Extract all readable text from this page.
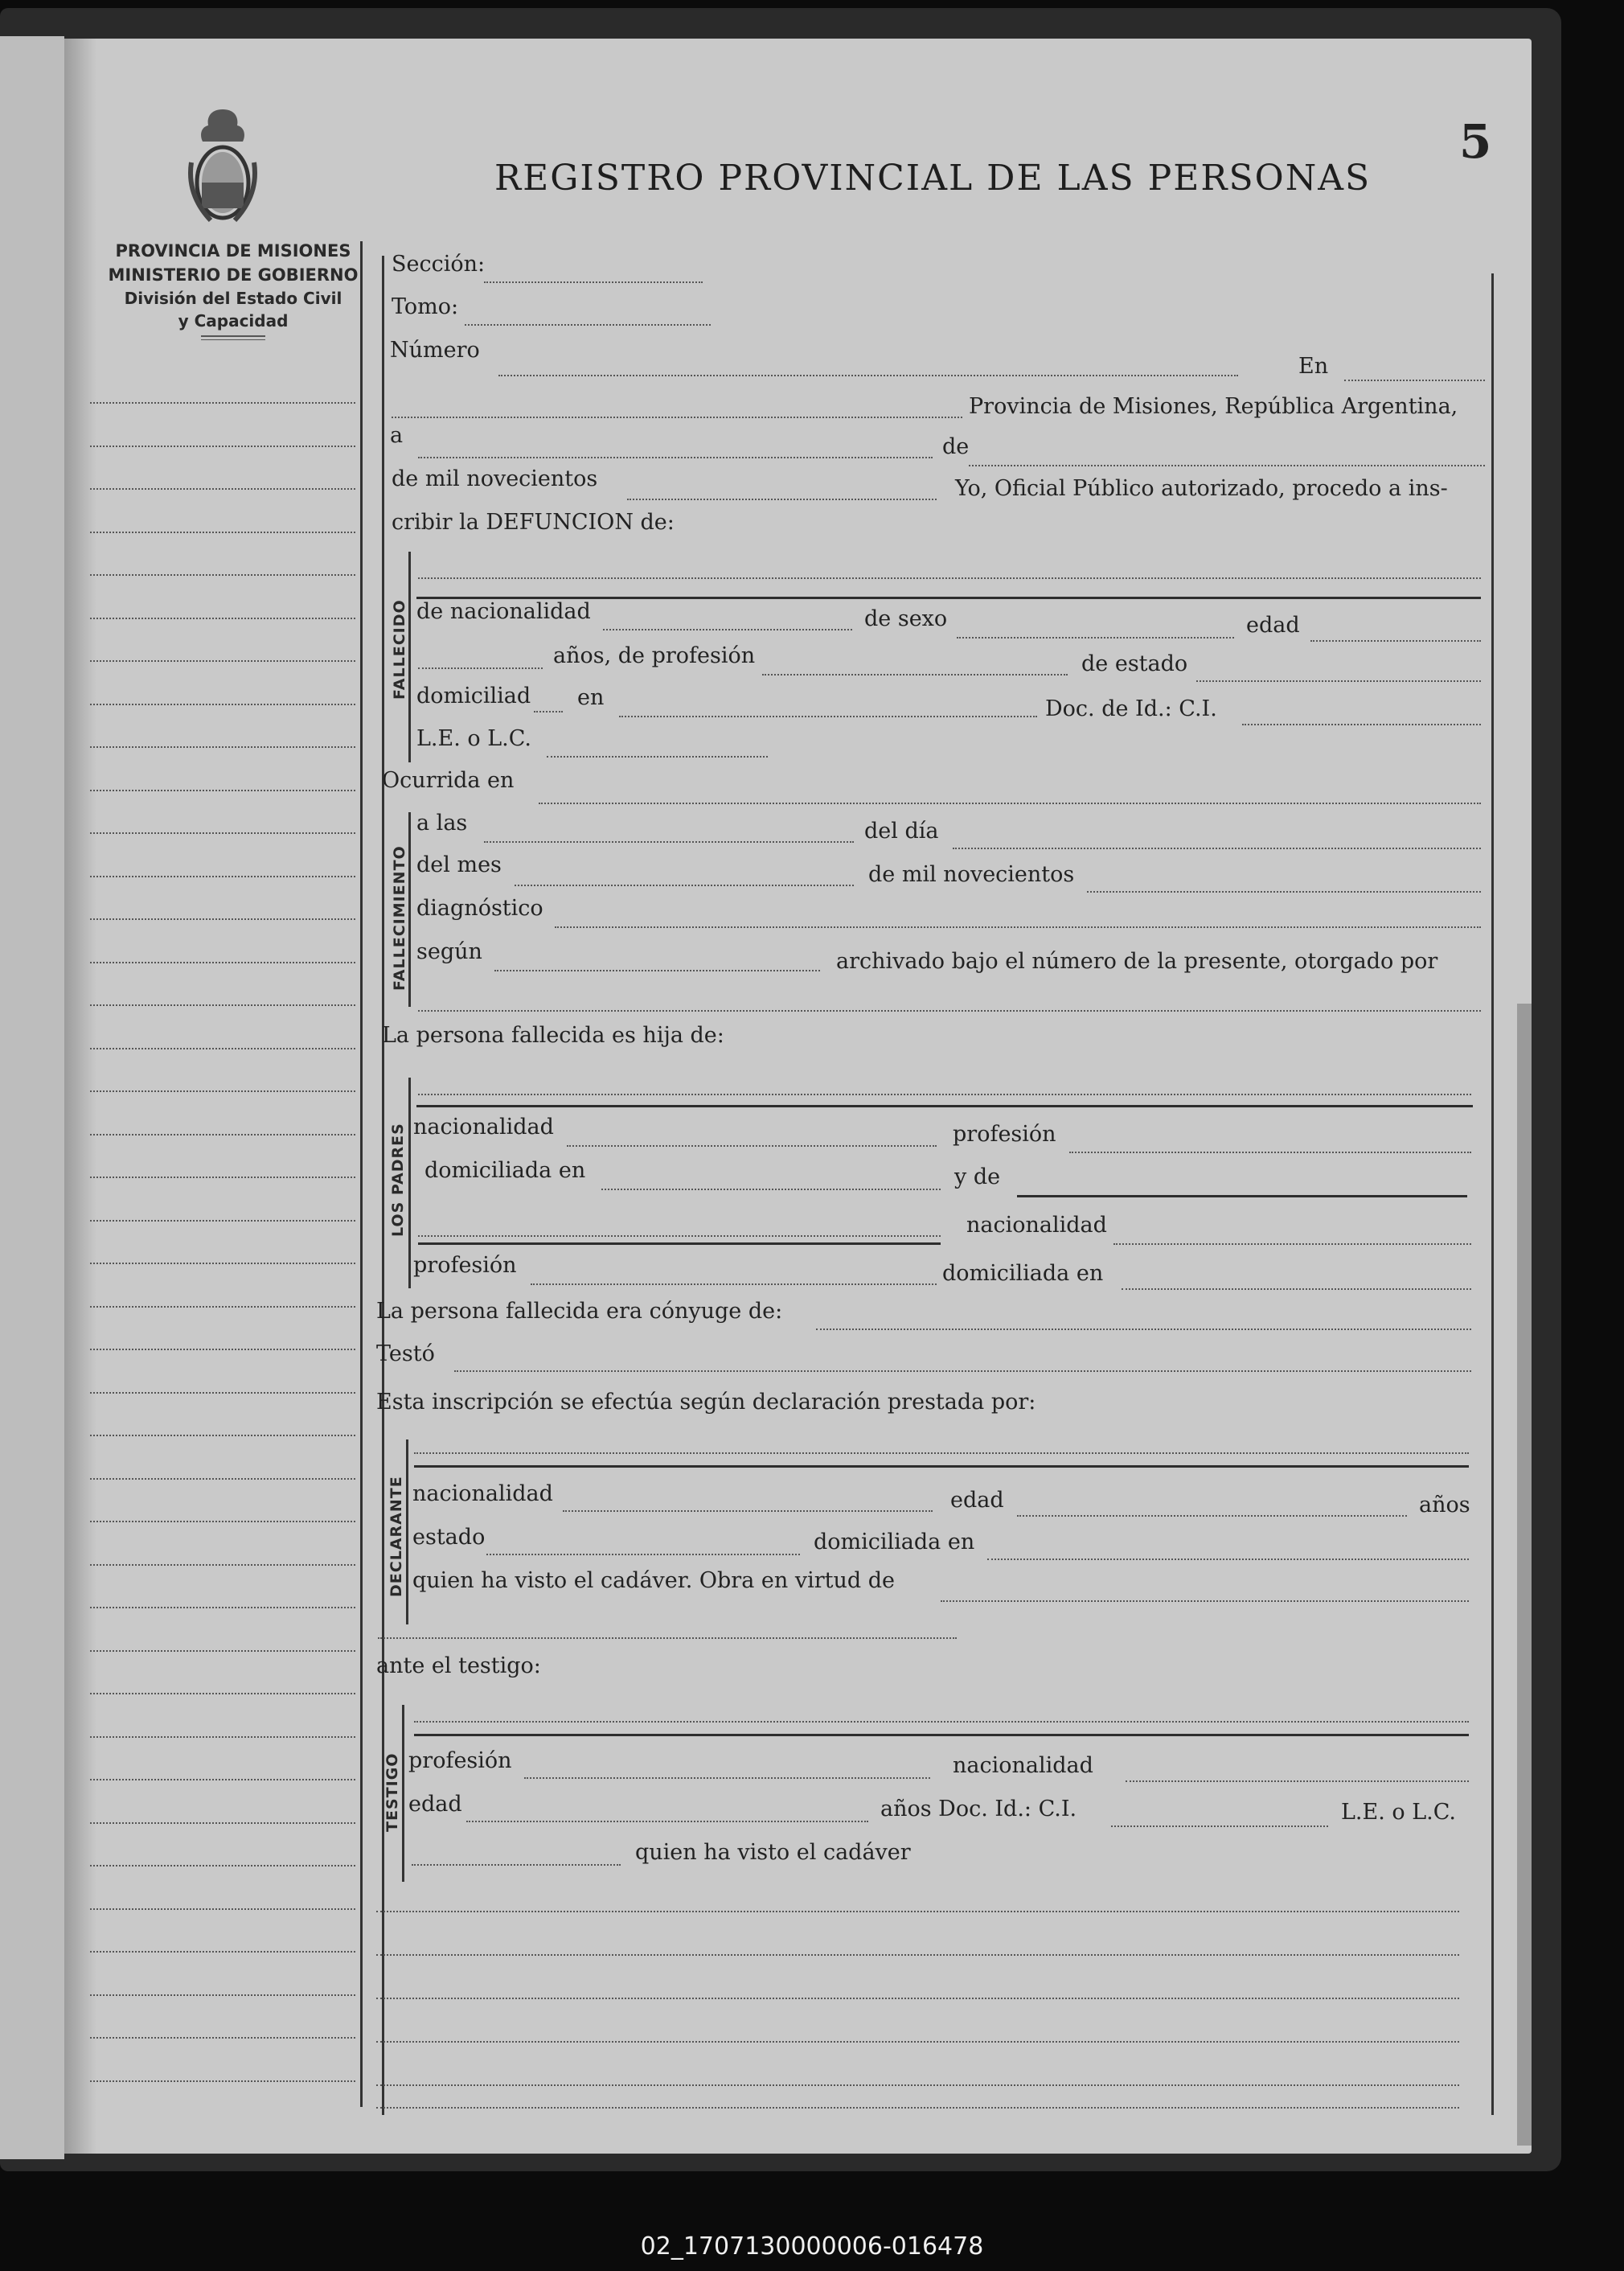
PROVINCIA DE MISIONES
MINISTERIO DE GOBIERNO
División del Estado Civil
y Capacidad
5
REGISTRO PROVINCIAL DE LAS PERSONAS
Sección:
Tomo:
Número
En
Provincia de Misiones, República Argentina,
a	de
de mil novecientos	Yo, Oficial Público autorizado, procedo a ins-
cribir la DEFUNCION de:
FALLECIDO de nacionalidad	de sexo	edad
años, de profesión	de estado
domiciliad en	Doc. de Id.: C.I.
L.E. o L.C.
Ocurrida en
FALLECIMIENTO
a las	del día
del mes	de mil novecientos
diagnóstico
según	archivado bajo el número de la presente, otorgado por
La persona fallecida es hija de:
LOS PADRES nacionalidad	profesión
domiciliada en	y de
nacionalidad
profesión	domiciliada en
La persona fallecida era cónyuge de:
Testó
Esta inscripción se efectúa según declaración prestada por:
DECLARANTE nacionalidad	edad	años
estado	domiciliada en
quien ha visto el cadáver. Obra en virtud de
ante el testigo:
TESTIGO profesión	nacionalidad
edad	años Doc. Id.: C.I.	L.E. o L.C.
quien ha visto el cadáver
02_1707130000006-016478
